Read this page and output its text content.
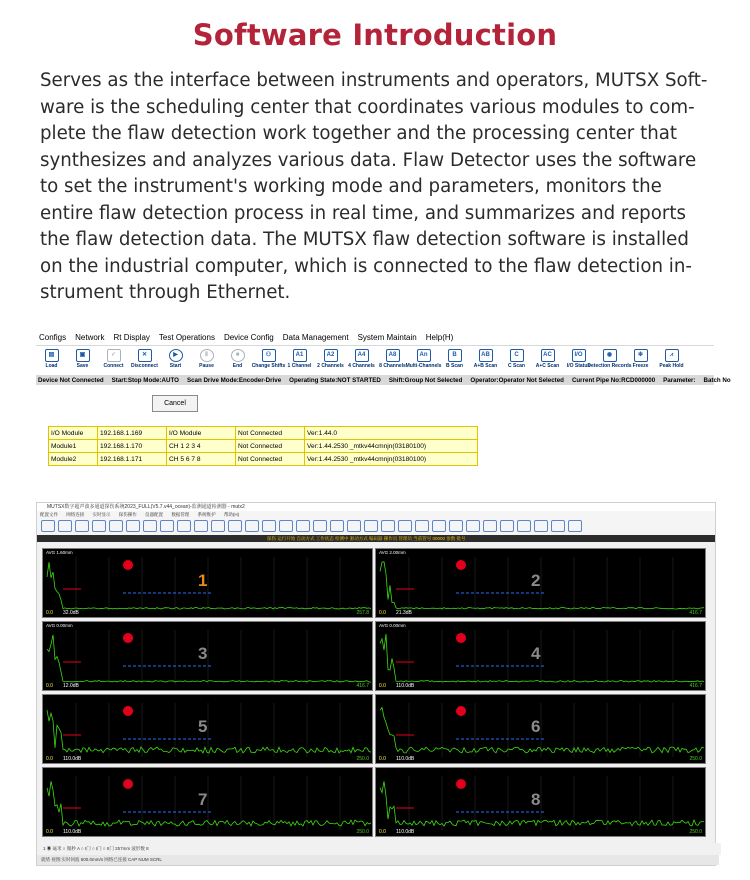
Software Introduction
Serves as the interface between instruments and operators, MUTSX Soft-
ware is the scheduling center that coordinates various modules to com-
plete the flaw detection work together and the processing center that
synthesizes and analyzes various data. Flaw Detector uses the software
to set the instrument's working mode and parameters, monitors the
entire flaw detection process in real time, and summarizes and reports
the flaw detection data. The MUTSX flaw detection software is installed
on the industrial computer, which is connected to the flaw detection in-
strument through Ethernet.
Configs Network Rt Display Test Operations Device Config Data Management System Maintain Help(H)
▤
Load
▣
Save
✓
Connect
✕
Disconnect
▶
Start
Ⅱ
Pause
■
End
⚇
Change Shifts
A1
1 Channel
A2
2 Channels
A4
4 Channels
A8
8 Channels
An
Multi-Channels
B
B Scan
AB
A+B Scan
C
C Scan
AC
A+C Scan
I/O
I/O Status
◉
Detection Records
✻
Freeze
⩘
Peak Hold
Device Not Connected Start:Stop Mode:AUTO Scan Drive Mode:Encoder-Drive Operating State:NOT STARTED Shift:Group Not Selected Operator:Operator Not Selected Current Pipe No:RCD000000 Parameter: Batch No
Cancel
I/O Module	192.168.1.169	I/O Module	Not Connected	Ver:1.44.0
Module1	192.168.1.170	CH 1 2 3 4	Not Connected	Ver:1.44.2530 _mtkv44cmnjn(03180100)
Module2	192.168.1.171	CH 5 6 7 8	Not Connected	Ver:1.44.2530 _mtkv44cmnjn(03180100)
MUTSX数字超声波多通道探伤系统2023_FULL(V5.7.v44_ocean)-监测通道检测器 - mutx2
配置文件 网络连接 实时显示 探伤操作 仪器配置 数据管理 系统维护 帮助(H)
探伤 运行开始 自动方式 工作状态 检测中 驱动方式 编码器 操作员 管理员 当前管号 00000 参数 批号
1
AVG 1.60mm
0.0 32.0dB	257.8
2
AVG 2.00mm
0.0 21.3dB	416.7
3
AVG 0.00mm
0.0 12.0dB	416.7
4
AVG 0.00mm
0.0 110.0dB	416.7
5
0.0 110.0dB	250.0
6
0.0 110.0dB	250.0
7
0.0 110.0dB	250.0
8
0.0 110.0dB	250.0
1 ◉ 毫米 ○ 微秒 A ○ I门 ○ I门 ○ II门 257mm 波形数 8
就绪 视图:实时回波 500.0mm/s 网络已连接 CAP NUM SCRL
